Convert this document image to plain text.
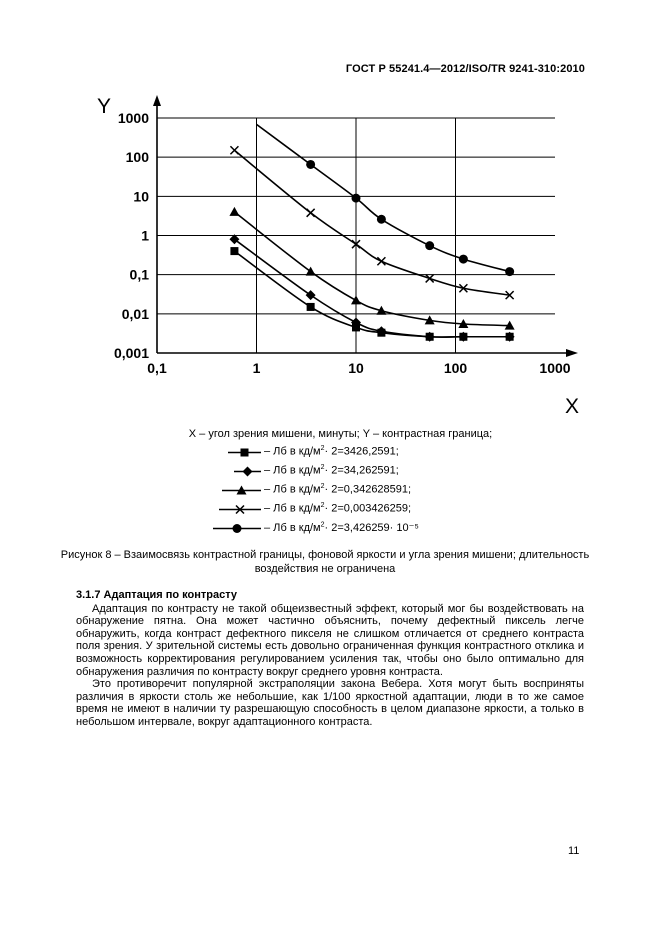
ГОСТ Р 55241.4—2012/ISO/TR 9241-310:2010
Y
X
0,001
0,01
0,1
1
10
100
1000
0,1	1	10	100	1000
X – угол зрения мишени, минуты; Y – контрастная граница;
– Лб в $кд/м^2\cdot 2=3426,2591$;
– Лб в $кд/м^2\cdot 2=34,262591$;
– Лб в $кд/м^2\cdot 2=0,342628591$;
– Лб в $кд/м^2\cdot 2=0,003426259$;
– Лб в $кд/м^2\cdot 2=3,426259\cdot 10^{-5}$
Рисунок 8 – Взаимосвязь контрастной границы, фоновой яркости и угла зрения мишени; длительность
воздействия не ограничена
3.1.7 Адаптация по контрасту

Адаптация по контрасту не такой общеизвестный эффект, который мог бы воздействовать на обнаружение пятна. Она может частично объяснить, почему дефектный пиксель легче обнаружить, когда контраст дефектного пикселя не слишком отличается от среднего контраста поля зрения. У зрительной системы есть довольно ограниченная функция контрастного отклика и возможность корректирования регулированием усиления так, чтобы оно было оптимально для обнаружения различия по контрасту вокруг среднего уровня контраста.

Это противоречит популярной экстраполяции закона Вебера. Хотя могут быть восприняты различия в яркости столь же небольшие, как 1/100 яркостной адаптации, люди в то же самое время не имеют в наличии ту разрешающую способность в целом диапазоне яркости, а только в небольшом интервале, вокруг адаптационного контраста.

11
